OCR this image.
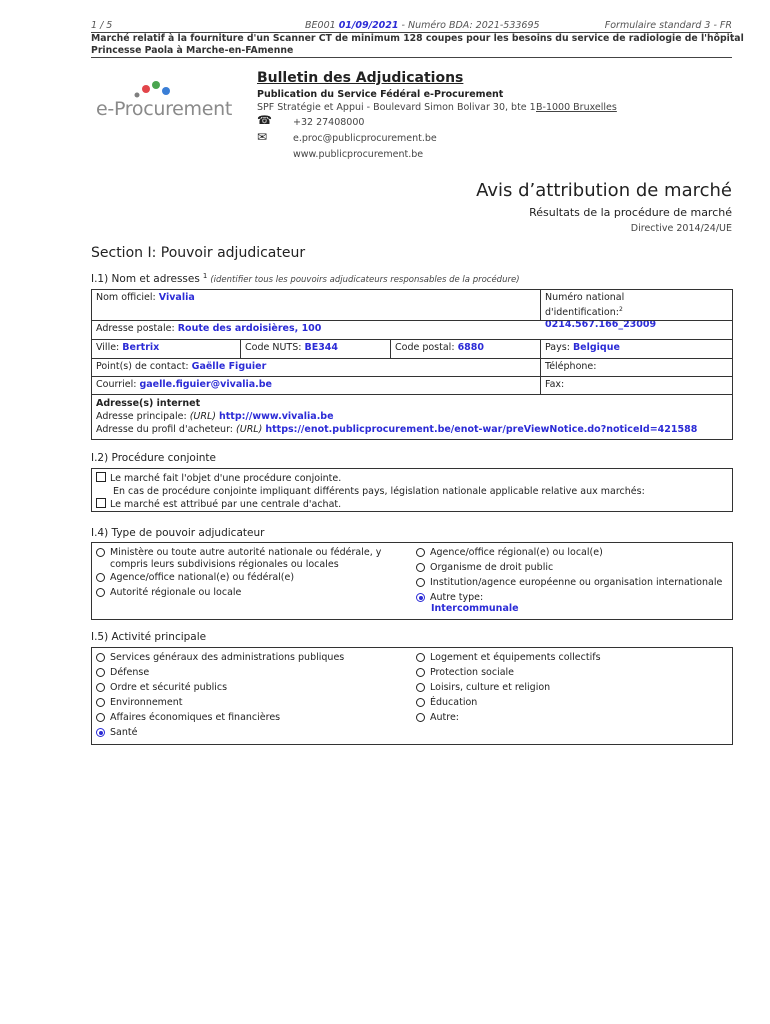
1 / 5	BE001 01/09/2021 - Numéro BDA: 2021-533695	Formulaire standard 3 - FR
Marché relatif à la fourniture d'un Scanner CT de minimum 128 coupes pour les besoins du service de radiologie de l'hôpital
Princesse Paola à Marche-en-FAmenne
e-Procurement
Bulletin des Adjudications
Publication du Service Fédéral e-Procurement
SPF Stratégie et Appui - Boulevard Simon Bolivar 30, bte 1 B-1000 Bruxelles
☎ +32 27408000
✉	e.proc@publicprocurement.be
www.publicprocurement.be
Avis d’attribution de marché
Résultats de la procédure de marché
Directive 2014/24/UE
Section I: Pouvoir adjudicateur
I.1) Nom et adresses $^1$ (identifier tous les pouvoirs adjudicateurs responsables de la procédure)
Nom officiel: Vivalia	Numéro national
d'identification:$^2$ 0214.567.166_23009
Adresse postale: Route des ardoisières, 100
Ville: Bertrix	Code NUTS: BE344	Code postal: 6880	Pays: Belgique
Point(s) de contact: Gaëlle Figuier	Téléphone:
Courriel: gaelle.figuier@vivalia.be	Fax:
Adresse(s) internet
Adresse principale: (URL) http://www.vivalia.be
Adresse du profil d'acheteur: (URL) https://enot.publicprocurement.be/enot-war/preViewNotice.do?noticeId=421588
I.2) Procédure conjointe
Le marché fait l'objet d'une procédure conjointe.
En cas de procédure conjointe impliquant différents pays, législation nationale applicable relative aux marchés:
Le marché est attribué par une centrale d'achat.
I.4) Type de pouvoir adjudicateur
Ministère ou toute autre autorité nationale ou fédérale, y
compris leurs subdivisions régionales ou locales
Agence/office national(e) ou fédéral(e)
Autorité régionale ou locale
Agence/office régional(e) ou local(e)
Organisme de droit public
Institution/agence européenne ou organisation internationale
Autre type:
Intercommunale
I.5) Activité principale
Services généraux des administrations publiques
Défense
Ordre et sécurité publics
Environnement
Affaires économiques et financières
Santé
Logement et équipements collectifs
Protection sociale
Loisirs, culture et religion
Éducation
Autre:
